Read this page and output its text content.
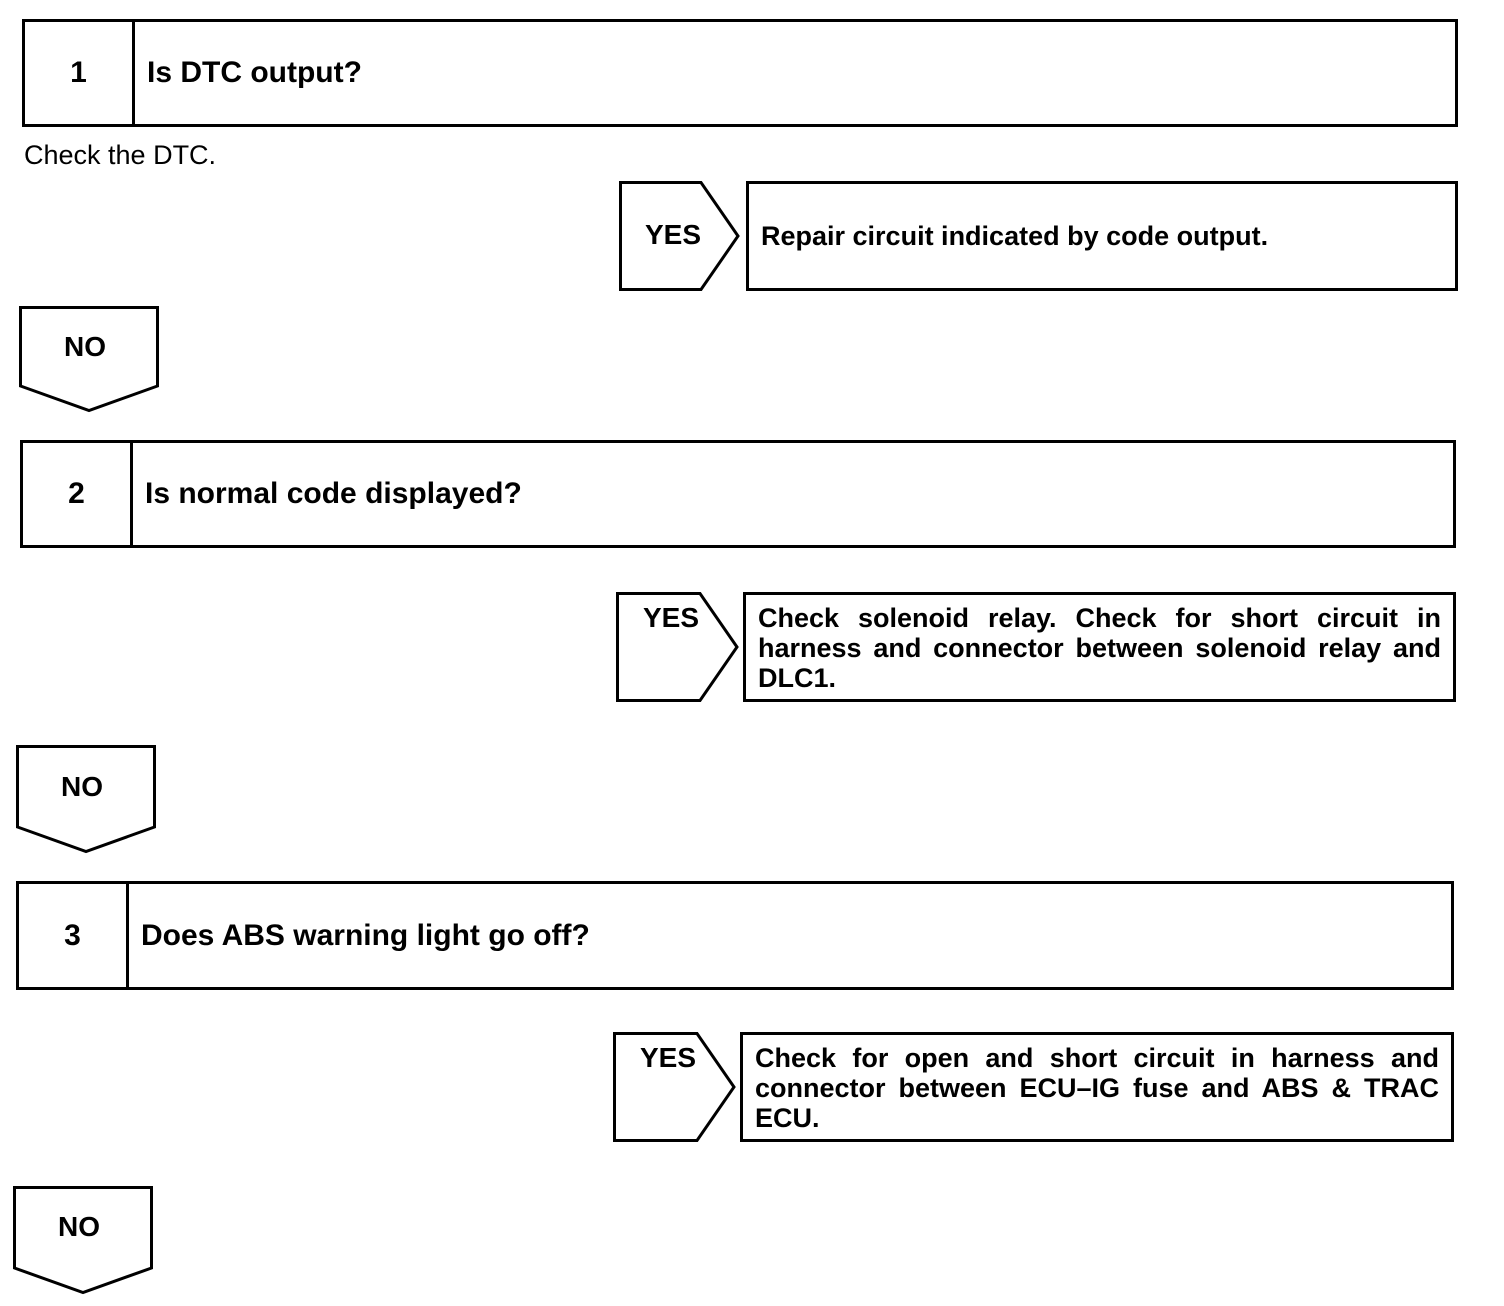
1	Is DTC output?
Check the DTC.
YES	Repair circuit indicated by code output.
NO
2	Is normal code displayed?
YES	Check solenoid relay. Check for short circuit in harness and connector between solenoid relay and DLC1.
NO
3	Does ABS warning light go off?
YES	Check for open and short circuit in harness and connector between ECU–IG fuse and ABS & TRAC ECU.
NO
